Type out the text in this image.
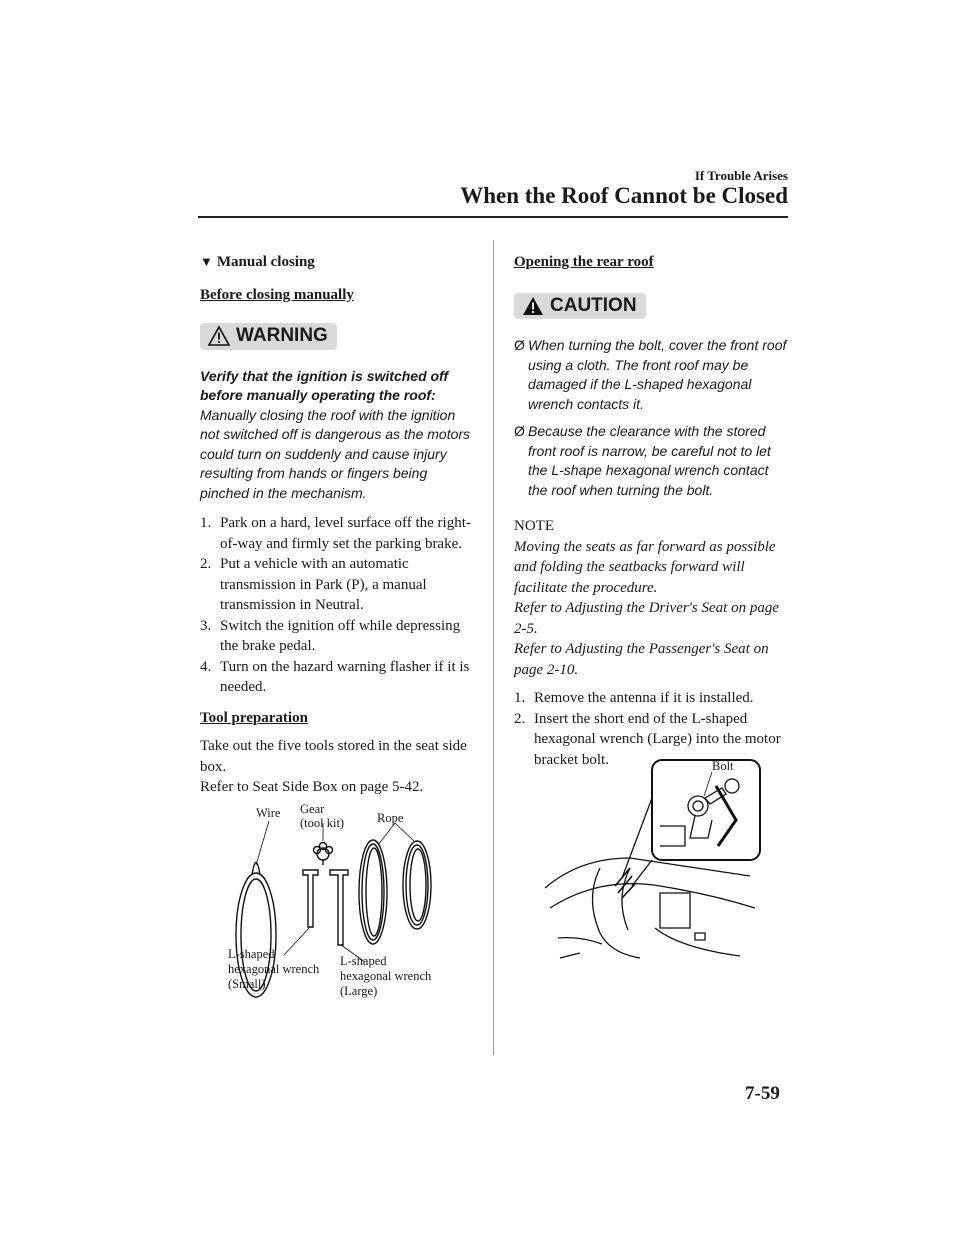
If Trouble Arises
When the Roof Cannot be Closed

▼ Manual closing

Before closing manually

WARNING
Verify that the ignition is switched off before manually operating the roof:
Manually closing the roof with the ignition not switched off is dangerous as the motors could turn on suddenly and cause injury resulting from hands or fingers being pinched in the mechanism.
1. Park on a hard, level surface off the right-of-way and firmly set the parking brake.
2. Put a vehicle with an automatic transmission in Park (P), a manual transmission in Neutral.
3. Switch the ignition off while depressing the brake pedal.
4. Turn on the hazard warning flasher if it is needed.

Tool preparation

Take out the five tools stored in the seat side box.
Refer to Seat Side Box on page 5-42.
Wire Gear
(tool kit)	Rope
L-shaped
hexagonal wrench
(Small)
L-shaped
hexagonal wrench
(Large)

Opening the rear roof

CAUTION
Ø When turning the bolt, cover the front roof using a cloth. The front roof may be damaged if the L-shaped hexagonal wrench contacts it.
Ø Because the clearance with the stored front roof is narrow, be careful not to let the L-shape hexagonal wrench contact the roof when turning the bolt.

NOTE

Moving the seats as far forward as possible and folding the seatbacks forward will facilitate the procedure.
Refer to Adjusting the Driver's Seat on page 2-5.
Refer to Adjusting the Passenger's Seat on page 2-10.
1. Remove the antenna if it is installed.
2. Insert the short end of the L-shaped hexagonal wrench (Large) into the motor bracket bolt.	Bolt
7-59
